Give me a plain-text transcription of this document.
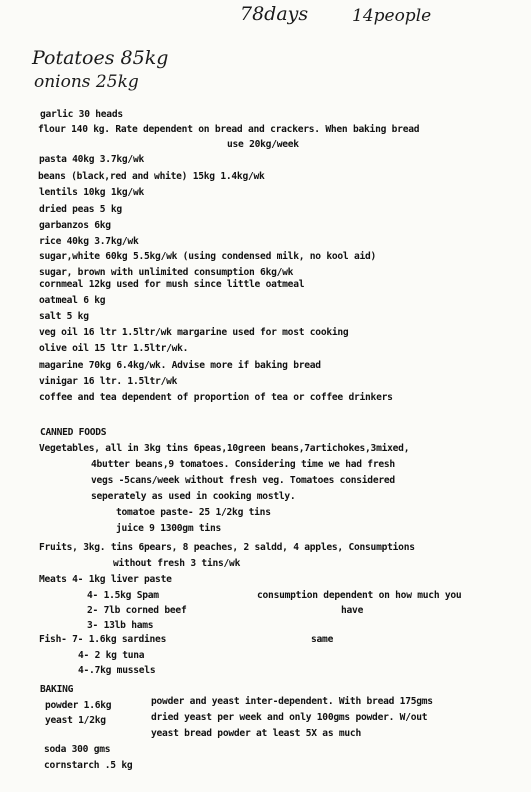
78days	14people
Potatoes 85kg
onions 25kg
garlic 30 heads
flour 140 kg. Rate dependent on bread and crackers. When baking bread
use 20kg/week
pasta 40kg 3.7kg/wk
beans (black,red and white) 15kg 1.4kg/wk
lentils 10kg 1kg/wk
dried peas 5 kg
garbanzos 6kg
rice 40kg 3.7kg/wk
sugar,white 60kg 5.5kg/wk (using condensed milk, no kool aid)
sugar, brown with unlimited consumption 6kg/wk
cornmeal 12kg used for mush since little oatmeal
oatmeal 6 kg
salt 5 kg
veg oil 16 ltr 1.5ltr/wk margarine used for most cooking
olive oil 15 ltr 1.5ltr/wk.
magarine 70kg 6.4kg/wk. Advise more if baking bread
vinigar 16 ltr. 1.5ltr/wk
coffee and tea dependent of proportion of tea or coffee drinkers
CANNED FOODS
Vegetables, all in 3kg tins 6peas,10green beans,7artichokes,3mixed,
4butter beans,9 tomatoes. Considering time we had fresh
vegs -5cans/week without fresh veg. Tomatoes considered
seperately as used in cooking mostly.
tomatoe paste- 25 1/2kg tins
juice 9 1300gm tins
Fruits, 3kg. tins 6pears, 8 peaches, 2 saldd, 4 apples, Consumptions
without fresh 3 tins/wk
Meats 4- 1kg liver paste
4- 1.5kg Spam	consumption dependent on how much you
2- 7lb corned beef	have
3- 13lb hams
Fish- 7- 1.6kg sardines	same
4- 2 kg tuna
4-.7kg mussels
BAKING
powder 1.6kg	powder and yeast inter-dependent. With bread 175gms
yeast 1/2kg	dried yeast per week and only 100gms powder. W/out
yeast bread powder at least 5X as much
soda 300 gms
cornstarch .5 kg
